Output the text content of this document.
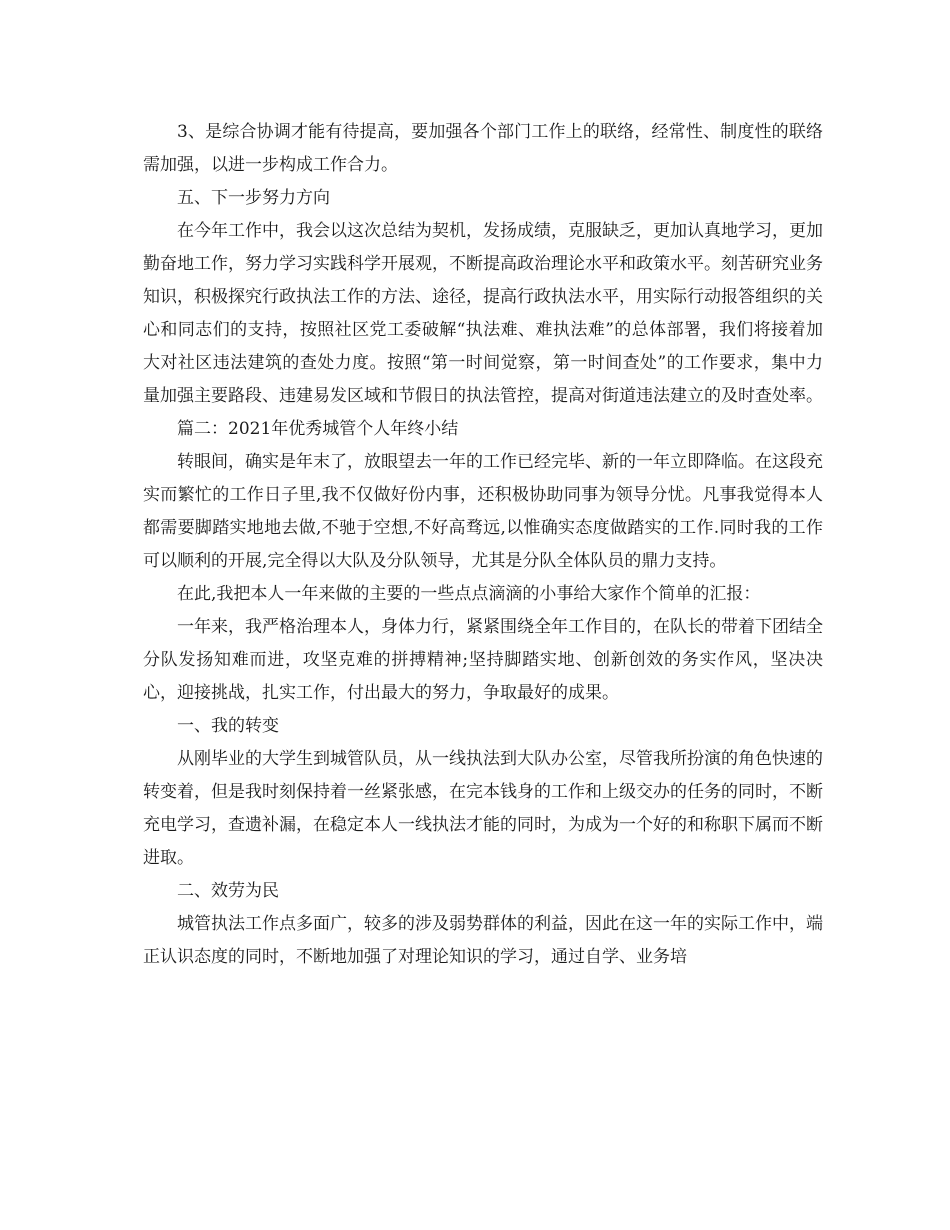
3、是综合协调才能有待提高，要加强各个部门工作上的联络，经常性、制度性的联络需加强，以进一步构成工作合力。

五、下一步努力方向

在今年工作中，我会以这次总结为契机，发扬成绩，克服缺乏，更加认真地学习，更加勤奋地工作，努力学习实践科学开展观，不断提高政治理论水平和政策水平。刻苦研究业务知识，积极探究行政执法工作的方法、途径，提高行政执法水平，用实际行动报答组织的关心和同志们的支持，按照社区党工委破解“执法难、难执法难”的总体部署，我们将接着加大对社区违法建筑的查处力度。按照“第一时间觉察，第一时间查处”的工作要求，集中力量加强主要路段、违建易发区域和节假日的执法管控，提高对街道违法建立的及时查处率。

篇二：2021年优秀城管个人年终小结

转眼间，确实是年末了，放眼望去一年的工作已经完毕、新的一年立即降临。在这段充实而繁忙的工作日子里,我不仅做好份内事，还积极协助同事为领导分忧。凡事我觉得本人都需要脚踏实地地去做,不驰于空想,不好高骛远,以惟确实态度做踏实的工作.同时我的工作可以顺利的开展,完全得以大队及分队领导，尤其是分队全体队员的鼎力支持。

在此,我把本人一年来做的主要的一些点点滴滴的小事给大家作个简单的汇报：

一年来，我严格治理本人，身体力行，紧紧围绕全年工作目的，在队长的带着下团结全分队发扬知难而进，攻坚克难的拼搏精神;坚持脚踏实地、创新创效的务实作风，坚决决心，迎接挑战，扎实工作，付出最大的努力，争取最好的成果。

一、我的转变

从刚毕业的大学生到城管队员，从一线执法到大队办公室，尽管我所扮演的角色快速的转变着，但是我时刻保持着一丝紧张感，在完本钱身的工作和上级交办的任务的同时，不断充电学习，查遗补漏，在稳定本人一线执法才能的同时，为成为一个好的和称职下属而不断进取。

二、效劳为民

城管执法工作点多面广，较多的涉及弱势群体的利益，因此在这一年的实际工作中，端正认识态度的同时，不断地加强了对理论知识的学习，通过自学、业务培
